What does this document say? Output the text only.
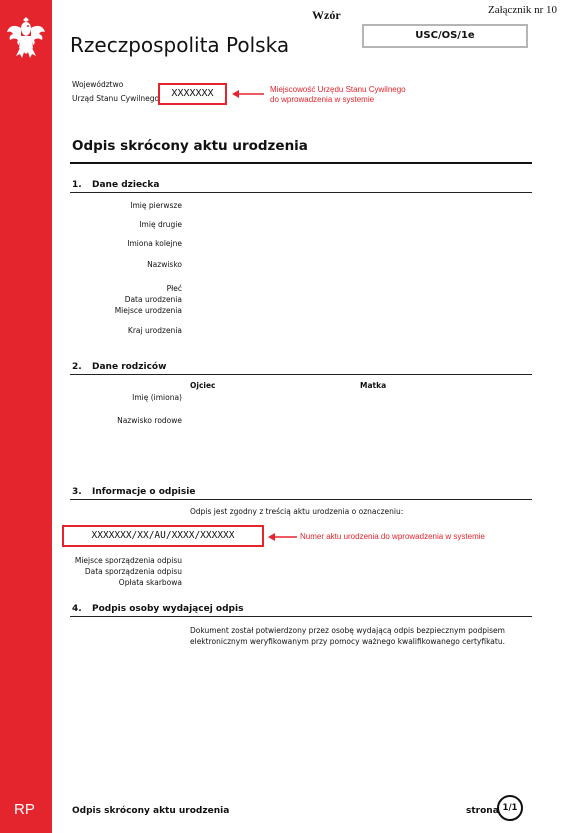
RP
Wzór	Załącznik nr 10
USC/OS/1e
Rzeczpospolita Polska
Województwo
Urząd Stanu Cywilnego	XXXXXXX	Miejscowość Urzędu Stanu Cywilnego
do wprowadzenia w systemie
Odpis skrócony aktu urodzenia
1. Dane dziecka
Imię pierwsze
Imię drugie
Imiona kolejne
Nazwisko
Płeć
Data urodzenia
Miejsce urodzenia
Kraj urodzenia
2. Dane rodziców
Ojciec	Matka
Imię (imiona)
Nazwisko rodowe
3. Informacje o odpisie
Odpis jest zgodny z treścią aktu urodzenia o oznaczeniu:
XXXXXXX/XX/AU/XXXX/XXXXXX	Numer aktu urodzenia do wprowadzenia w systemie
Miejsce sporządzenia odpisu
Data sporządzenia odpisu
Opłata skarbowa
4. Podpis osoby wydającej odpis
Dokument został potwierdzony przez osobę wydającą odpis bezpiecznym podpisem
elektronicznym weryfikowanym przy pomocy ważnego kwalifikowanego certyfikatu.
Odpis skrócony aktu urodzenia	strona 1/1
